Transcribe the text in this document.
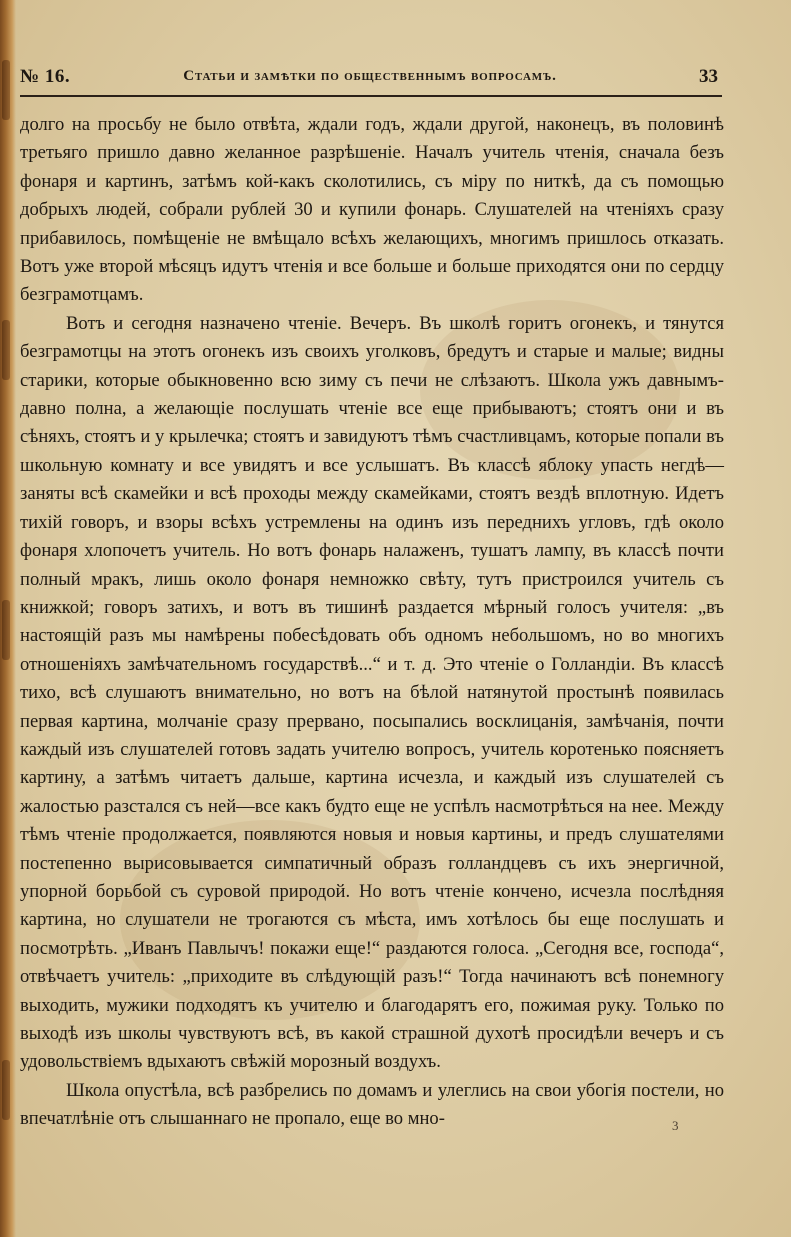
№ 16.	Статьи и замѣтки по общественнымъ вопросамъ.	33

долго на просьбу не было отвѣта, ждали годъ, ждали другой, наконецъ, въ половинѣ третьяго пришло давно желанное разрѣшеніе. Началъ учитель чтенія, сначала безъ фонаря и картинъ, затѣмъ кой-какъ сколотились, съ міру по ниткѣ, да съ помощью добрыхъ людей, собрали рублей 30 и купили фонарь. Слушателей на чтеніяхъ сразу прибавилось, помѣщеніе не вмѣщало всѣхъ желающихъ, многимъ пришлось отказать. Вотъ уже второй мѣсяцъ идутъ чтенія и все больше и больше приходятся они по сердцу безграмотцамъ.

Вотъ и сегодня назначено чтеніе. Вечеръ. Въ школѣ горитъ огонекъ, и тянутся безграмотцы на этотъ огонекъ изъ своихъ уголковъ, бредутъ и старые и малые; видны старики, которые обыкновенно всю зиму съ печи не слѣзаютъ. Школа ужъ давнымъ-давно полна, а желающіе послушать чтеніе все еще прибываютъ; стоятъ они и въ сѣняхъ, стоятъ и у крылечка; стоятъ и завидуютъ тѣмъ счастливцамъ, которые попали въ школьную комнату и все увидятъ и все услышатъ. Въ классѣ яблоку упасть негдѣ—заняты всѣ скамейки и всѣ проходы между скамейками, стоятъ вездѣ вплотную. Идетъ тихій говоръ, и взоры всѣхъ устремлены на одинъ изъ переднихъ угловъ, гдѣ около фонаря хлопочетъ учитель. Но вотъ фонарь налаженъ, тушатъ лампу, въ классѣ почти полный мракъ, лишь около фонаря немножко свѣту, тутъ пристроился учитель съ книжкой; говоръ затихъ, и вотъ въ тишинѣ раздается мѣрный голосъ учителя: „въ настоящій разъ мы намѣрены побесѣдовать объ одномъ небольшомъ, но во многихъ отношеніяхъ замѣчательномъ государствѣ...“ и т. д. Это чтеніе о Голландіи. Въ классѣ тихо, всѣ слушаютъ внимательно, но вотъ на бѣлой натянутой простынѣ появилась первая картина, молчаніе сразу прервано, посыпались восклицанія, замѣчанія, почти каждый изъ слушателей готовъ задать учителю вопросъ, учитель коротенько поясняетъ картину, а затѣмъ читаетъ дальше, картина исчезла, и каждый изъ слушателей съ жалостью разстался съ ней—все какъ будто еще не успѣлъ насмотрѣться на нее. Между тѣмъ чтеніе продолжается, появляются новыя и новыя картины, и предъ слушателями постепенно вырисовывается симпатичный образъ голландцевъ съ ихъ энергичной, упорной борьбой съ суровой природой. Но вотъ чтеніе кончено, исчезла послѣдняя картина, но слушатели не трогаются съ мѣста, имъ хотѣлось бы еще послушать и посмотрѣть. „Иванъ Павлычъ! покажи еще!“ раздаются голоса. „Сегодня все, господа“, отвѣчаетъ учитель: „приходите въ слѣдующій разъ!“ Тогда начинаютъ всѣ понемногу выходить, мужики подходятъ къ учителю и благодарятъ его, пожимая руку. Только по выходѣ изъ школы чувствуютъ всѣ, въ какой страшной духотѣ просидѣли вечеръ и съ удовольствіемъ вдыхаютъ свѣжій морозный воздухъ.

Школа опустѣла, всѣ разбрелись по домамъ и улеглись на свои убогія постели, но впечатлѣніе отъ слышаннаго не пропало, еще во мно-	3
